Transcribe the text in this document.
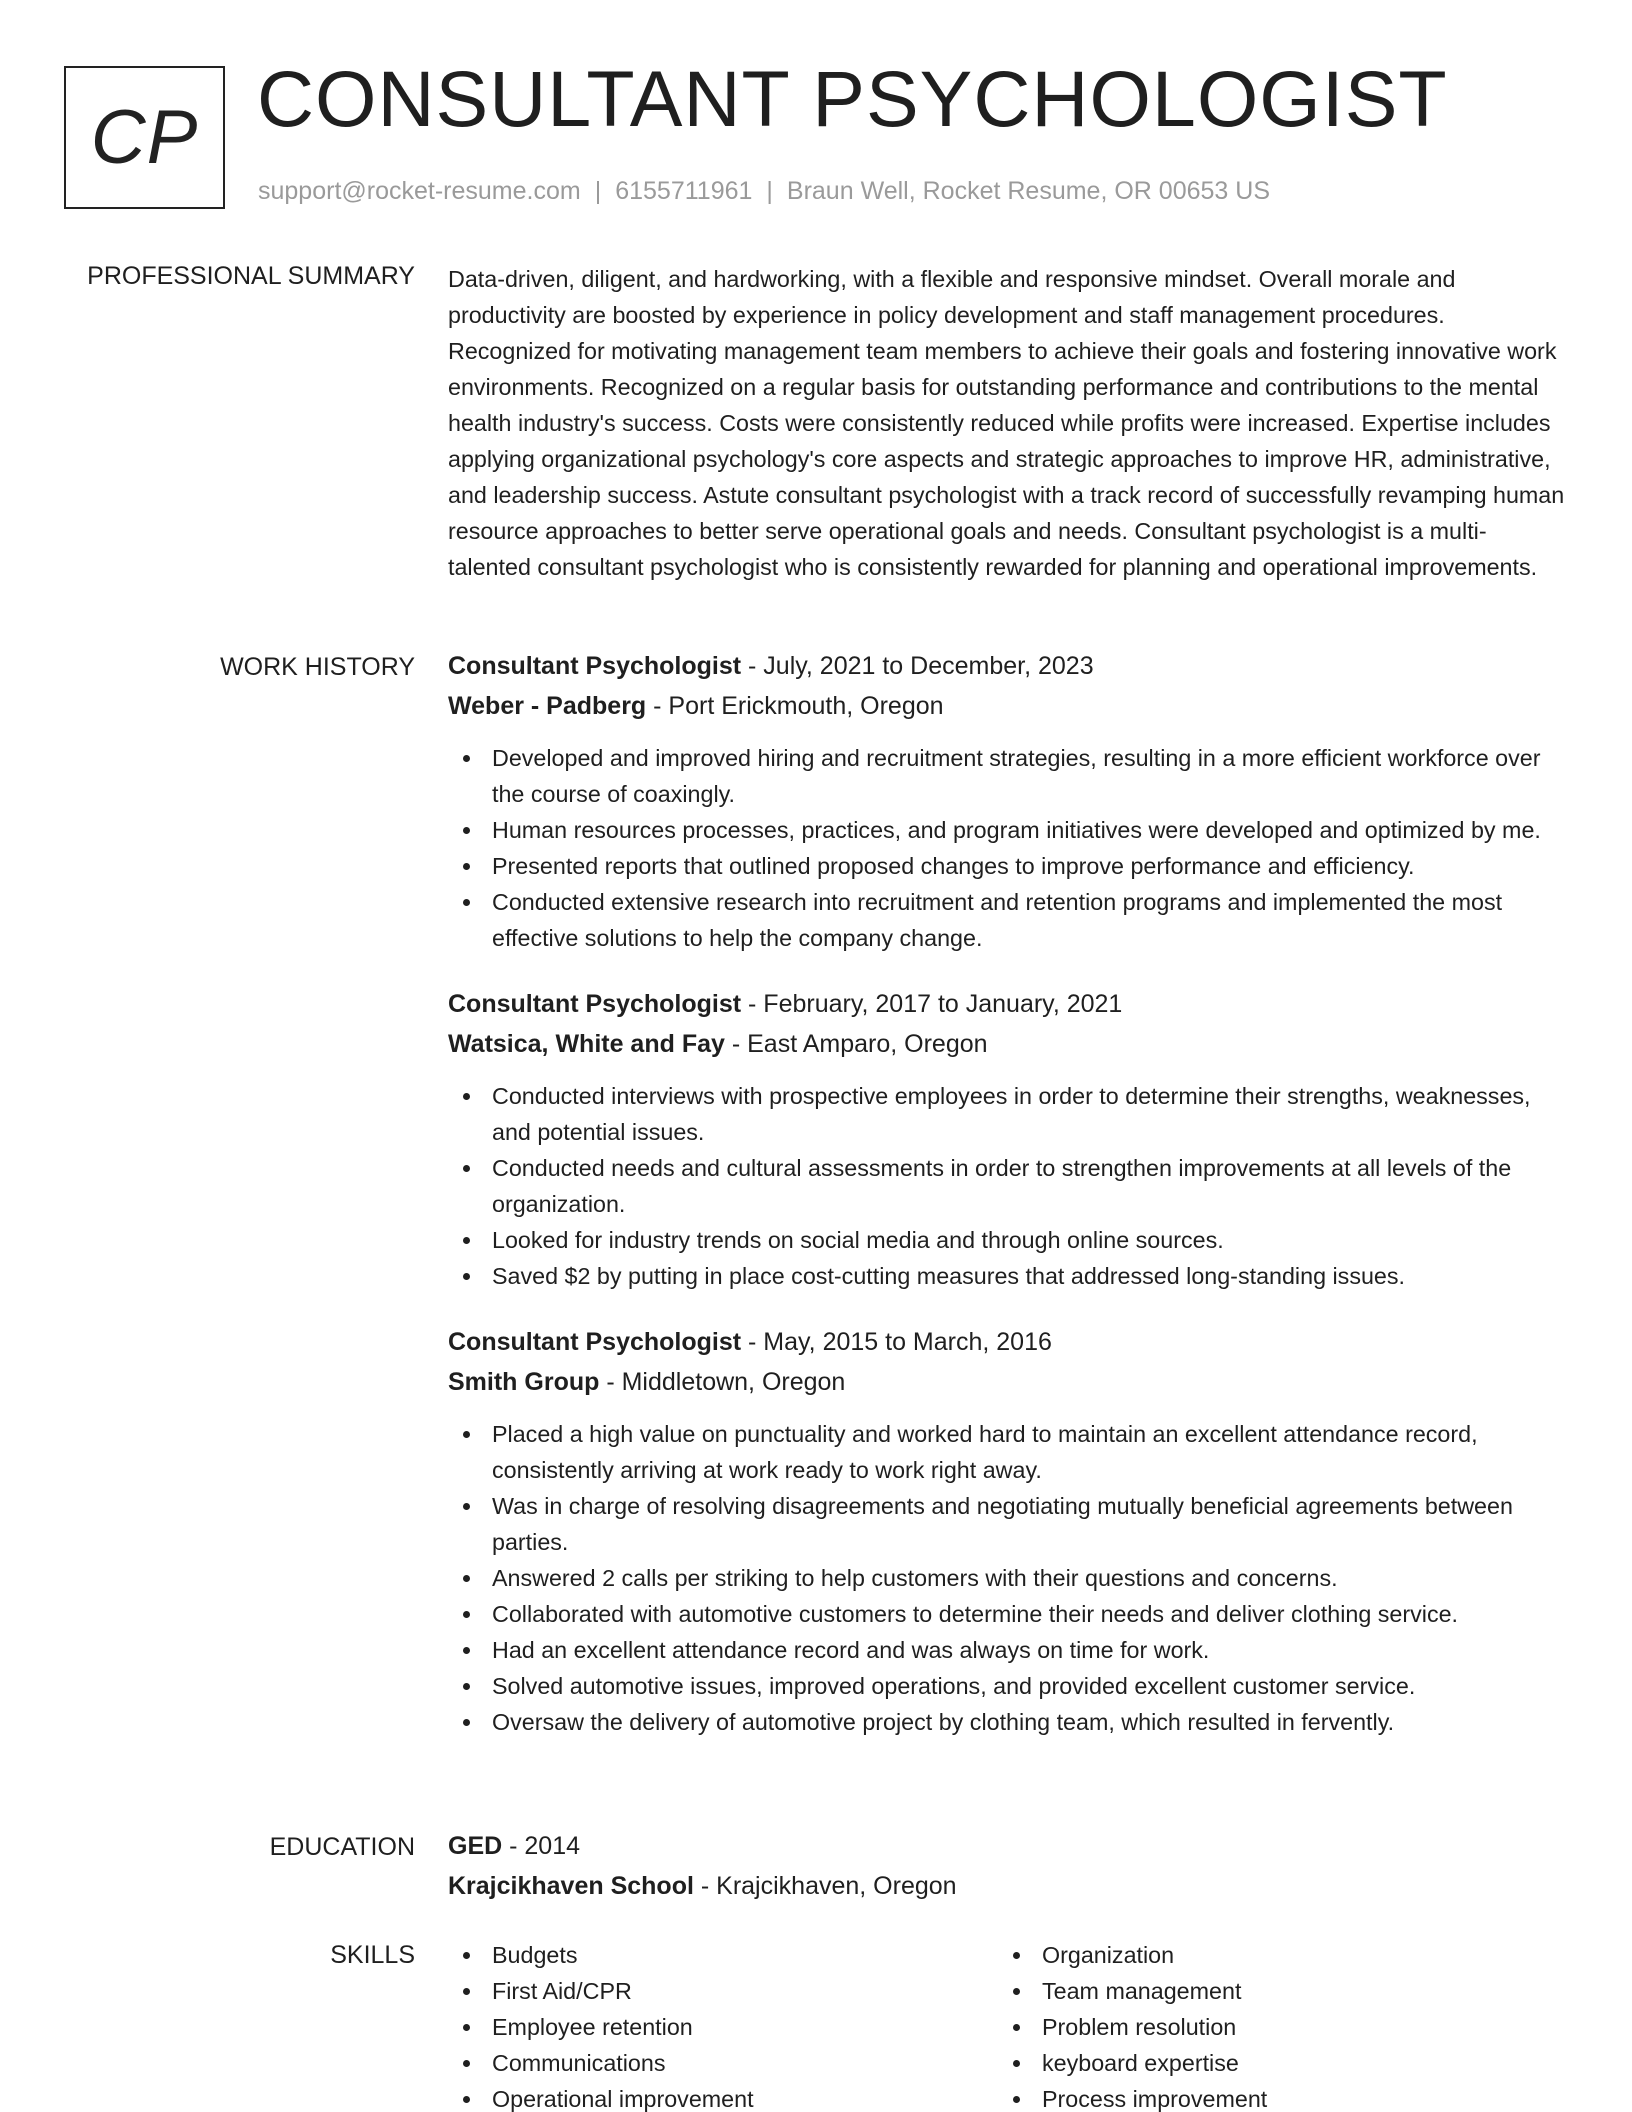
CP CONSULTANT PSYCHOLOGIST
support@rocket-resume.com | 6155711961 | Braun Well, Rocket Resume, OR 00653 US
PROFESSIONAL SUMMARY Data-driven, diligent, and hardworking, with a flexible and responsive mindset. Overall morale and productivity are boosted by experience in policy development and staff management procedures. Recognized for motivating management team members to achieve their goals and fostering innovative work environments. Recognized on a regular basis for outstanding performance and contributions to the mental health industry's success. Costs were consistently reduced while profits were increased. Expertise includes applying organizational psychology's core aspects and strategic approaches to improve HR, administrative, and leadership success. Astute consultant psychologist with a track record of successfully revamping human resource approaches to better serve operational goals and needs. Consultant psychologist is a multi-talented consultant psychologist who is consistently rewarded for planning and operational improvements.

WORK HISTORY Consultant Psychologist - July, 2021 to December, 2023
Weber - Padberg - Port Erickmouth, Oregon
Developed and improved hiring and recruitment strategies, resulting in a more efficient workforce over the course of coaxingly.
Human resources processes, practices, and program initiatives were developed and optimized by me.
Presented reports that outlined proposed changes to improve performance and efficiency.
Conducted extensive research into recruitment and retention programs and implemented the most effective solutions to help the company change.
Consultant Psychologist - February, 2017 to January, 2021
Watsica, White and Fay - East Amparo, Oregon
Conducted interviews with prospective employees in order to determine their strengths, weaknesses, and potential issues.
Conducted needs and cultural assessments in order to strengthen improvements at all levels of the organization.
Looked for industry trends on social media and through online sources.
Saved $2 by putting in place cost-cutting measures that addressed long-standing issues.
Consultant Psychologist - May, 2015 to March, 2016
Smith Group - Middletown, Oregon
Placed a high value on punctuality and worked hard to maintain an excellent attendance record, consistently arriving at work ready to work right away.
Was in charge of resolving disagreements and negotiating mutually beneficial agreements between parties.
Answered 2 calls per striking to help customers with their questions and concerns.
Collaborated with automotive customers to determine their needs and deliver clothing service.
Had an excellent attendance record and was always on time for work.
Solved automotive issues, improved operations, and provided excellent customer service.
Oversaw the delivery of automotive project by clothing team, which resulted in fervently.
EDUCATION GED - 2014
Krajcikhaven School - Krajcikhaven, Oregon
SKILLS	Budgets
First Aid/CPR
Employee retention
Communications
Operational improvement
Organization
Team management
Problem resolution
keyboard expertise
Process improvement
